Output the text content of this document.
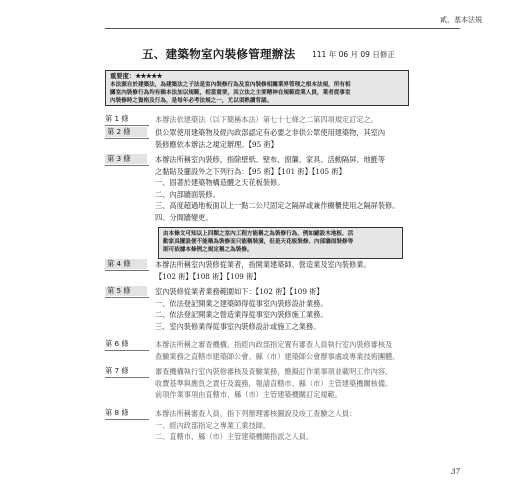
貳、基本法規
五、建築物室內裝修管理辦法 111 年 06 月 09 日修正
重要度：★★★★★
本法源自於建築法，為建築法之子法是室內裝修行為及室內裝修相關業界管理之根本法規，所有相
關室內裝修行為均有賴本法加以規範，相當重要，其立法之主要精神在規範從業人員，業者從事室
內裝修時之資格及行為，是每年必考法規之一，尤以須熟讀背誦。
第 1 條	本辦法依建築法（以下簡稱本法）第七十七條之二第四項規定訂定之。
第 2 條	供公眾使用建築物及經內政部認定有必要之非供公眾使用建築物，其室內
裝修應依本辦法之規定辦理。【95 術】
第 3 條	本辦法所稱室內裝修，指除壁紙、壁布、窗簾、家具、活動隔屏、地氈等
之黏貼及擺設外之下列行為：【95 術】【101 術】【105 術】
一、固著於建築物構造體之天花板裝修。
二、內部牆面裝修。
三、高度超過地板面以上一點二公尺固定之隔屏或兼作櫥櫃使用之隔屏裝修。
四、分間牆變更。
第 4 條	本辦法所稱室內裝修從業者，指開業建築師、營造業及室內裝修業。
【102 術】【108 術】【109 術】
第 5 條	室內裝修從業者業務範圍如下：【102 術】【109 術】
一、依法登記開業之建築師得從事室內裝修設計業務。
二、依法登記開業之營造業得從事室內裝修施工業務。
三、室內裝修業得從事室內裝修設計或施工之業務。
第 6 條	本辦法所稱之審查機構，指經內政部指定置有審查人員執行室內裝修審核及
查驗業務之直轄市建築師公會、縣（市）建築師公會辦事處或專業技術團體。
第 7 條	審查機構執行室內裝修審核及查驗業務，應擬訂作業事項並載明工作內容、
收費基準與應負之責任及義務，報請直轄市、縣（市）主管建築機關核備。
前項作業事項由直轄市、縣（市）主管建築機關訂定規範。
第 8 條	本辦法所稱審查人員，指下列辦理審核圖說及竣工查驗之人員：
一、經內政部指定之專業工業技師。
二、直轄市、縣（市）主管建築機關指派之人員。
由本條文可知以上四類之室內工程方能稱之為裝修行為，例如鋪設木地板、活
動家具擺設便不能稱為裝修而只能稱裝潢，但是天花板裝修、內部牆面裝修等
則可依據本條例之規定稱之為裝修。
37
